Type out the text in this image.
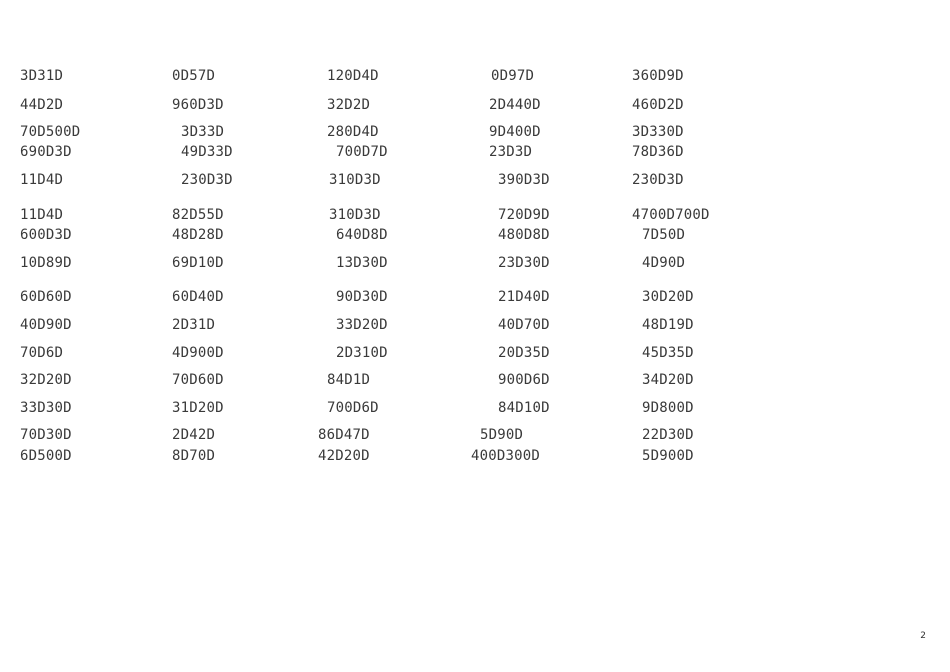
3D31D	0D57D	120D4D	0D97D	360D9D
44D2D	960D3D	32D2D	2D440D	460D2D
70D500D	3D33D	280D4D	9D400D	3D330D
690D3D	49D33D	700D7D	23D3D	78D36D
11D4D	230D3D	310D3D	390D3D	230D3D
11D4D	82D55D	310D3D	720D9D	4700D700D
600D3D	48D28D	640D8D	480D8D	7D50D
10D89D	69D10D	13D30D	23D30D	4D90D
60D60D	60D40D	90D30D	21D40D	30D20D
40D90D	2D31D	33D20D	40D70D	48D19D
70D6D	4D900D	2D310D	20D35D	45D35D
32D20D	70D60D	84D1D	900D6D	34D20D
33D30D	31D20D	700D6D	84D10D	9D800D
70D30D	2D42D	86D47D	5D90D	22D30D
6D500D	8D70D	42D20D	400D300D	5D900D
2
